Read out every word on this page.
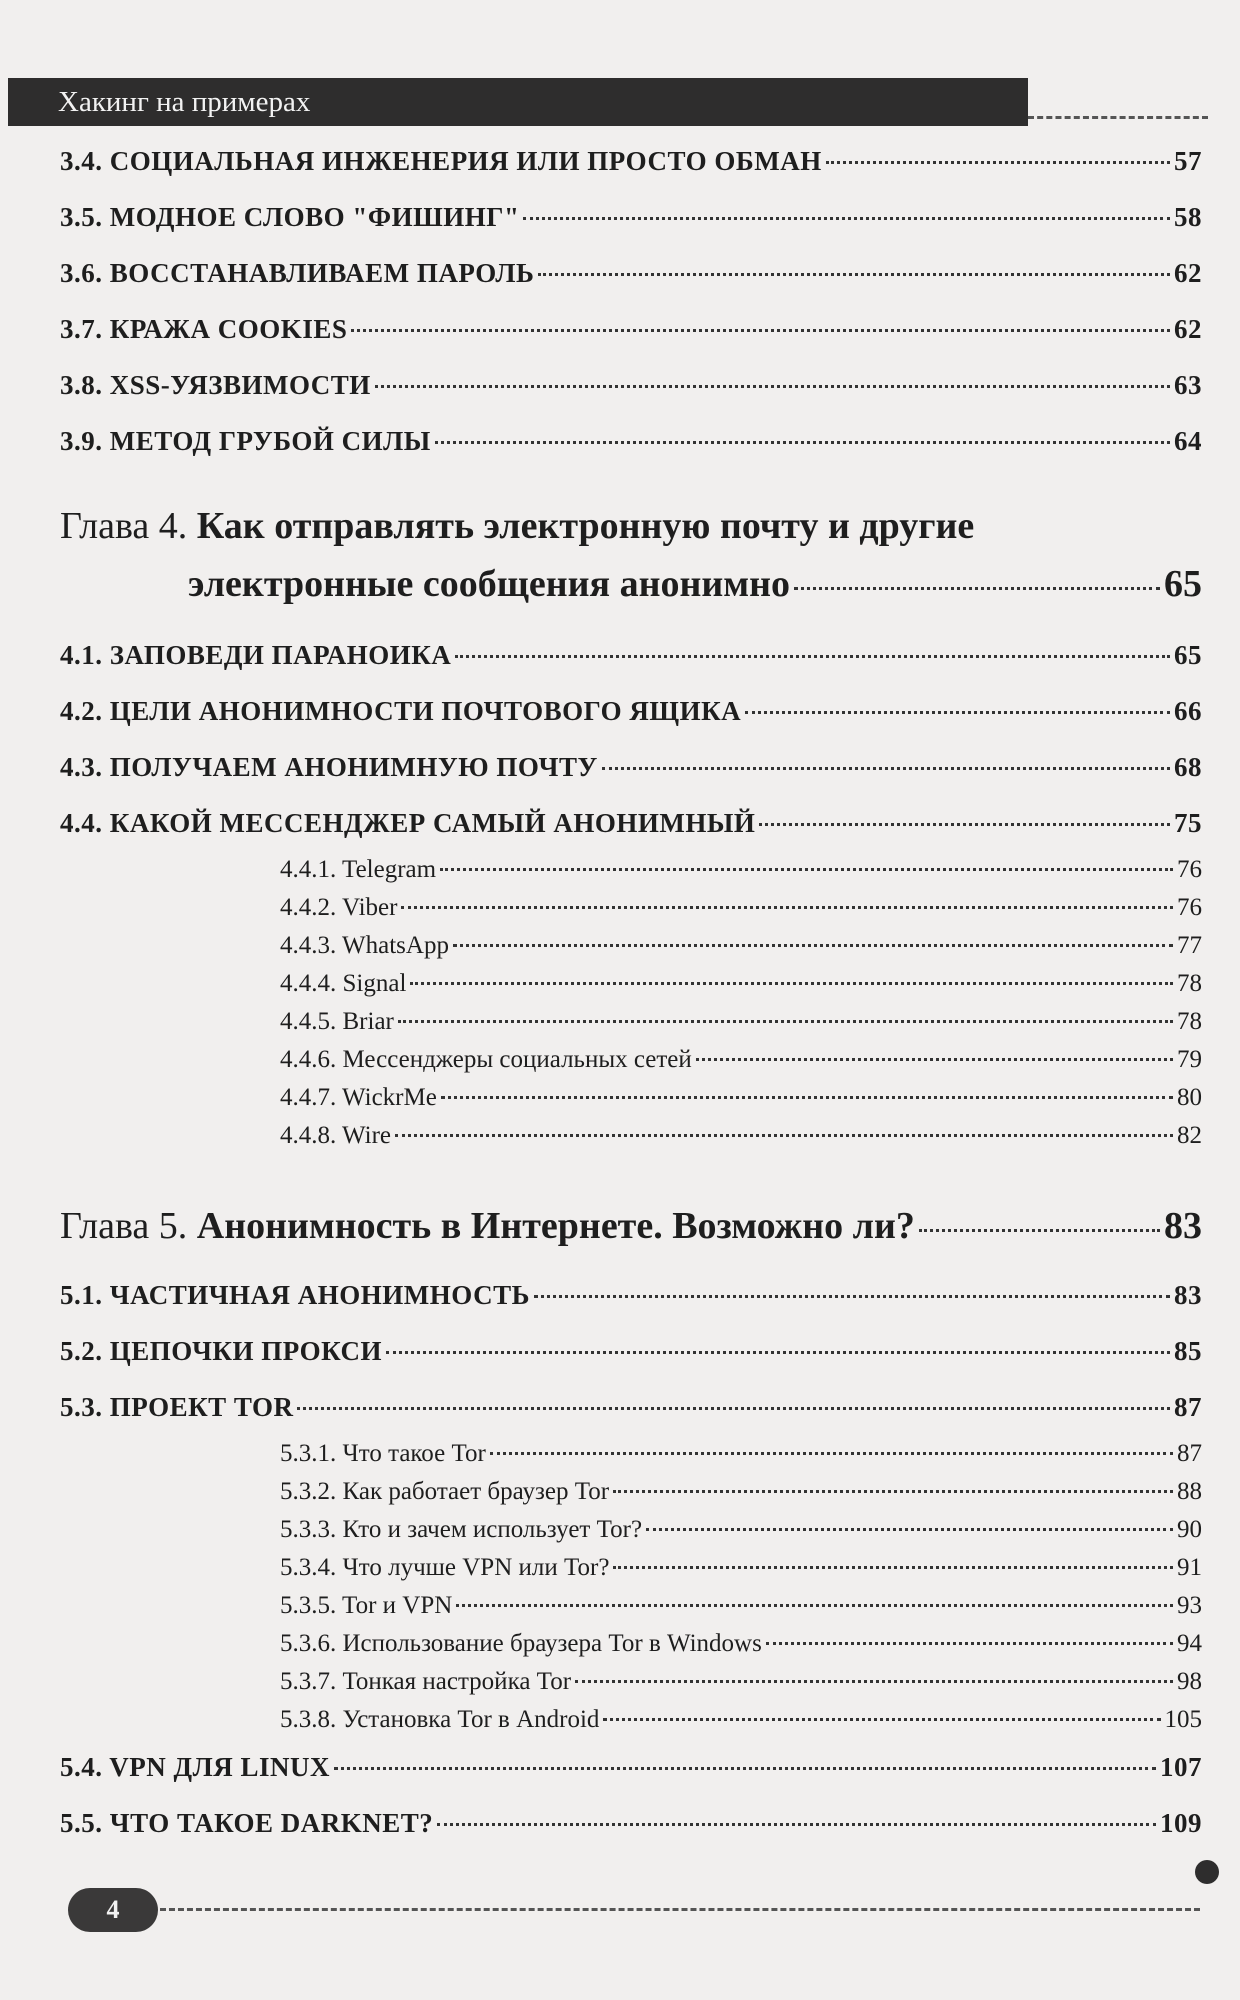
Хакинг на примерах
3.4. СОЦИАЛЬНАЯ ИНЖЕНЕРИЯ ИЛИ ПРОСТО ОБМАН	57
3.5. МОДНОЕ СЛОВО "ФИШИНГ"	58
3.6. ВОССТАНАВЛИВАЕМ ПАРОЛЬ	62
3.7. КРАЖА COOKIES	62
3.8. XSS-УЯЗВИМОСТИ	63
3.9. МЕТОД ГРУБОЙ СИЛЫ	64
Глава 4. Как отправлять электронную почту и другие
электронные сообщения анонимно	65
4.1. ЗАПОВЕДИ ПАРАНОИКА	65
4.2. ЦЕЛИ АНОНИМНОСТИ ПОЧТОВОГО ЯЩИКА	66
4.3. ПОЛУЧАЕМ АНОНИМНУЮ ПОЧТУ	68
4.4. КАКОЙ МЕССЕНДЖЕР САМЫЙ АНОНИМНЫЙ	75
4.4.1. Telegram	76
4.4.2. Viber	76
4.4.3. WhatsApp	77
4.4.4. Signal	78
4.4.5. Briar	78
4.4.6. Мессенджеры социальных сетей	79
4.4.7. WickrMe	80
4.4.8. Wire	82
Глава 5. Анонимность в Интернете. Возможно ли?	83
5.1. ЧАСТИЧНАЯ АНОНИМНОСТЬ	83
5.2. ЦЕПОЧКИ ПРОКСИ	85
5.3. ПРОЕКТ TOR	87
5.3.1. Что такое Tor	87
5.3.2. Как работает браузер Tor	88
5.3.3. Кто и зачем использует Tor?	90
5.3.4. Что лучше VPN или Tor?	91
5.3.5. Tor и VPN	93
5.3.6. Использование браузера Tor в Windows	94
5.3.7. Тонкая настройка Tor	98
5.3.8. Установка Tor в Android	105
5.4. VPN ДЛЯ LINUX	107
5.5. ЧТО ТАКОЕ DARKNET?	109
4
